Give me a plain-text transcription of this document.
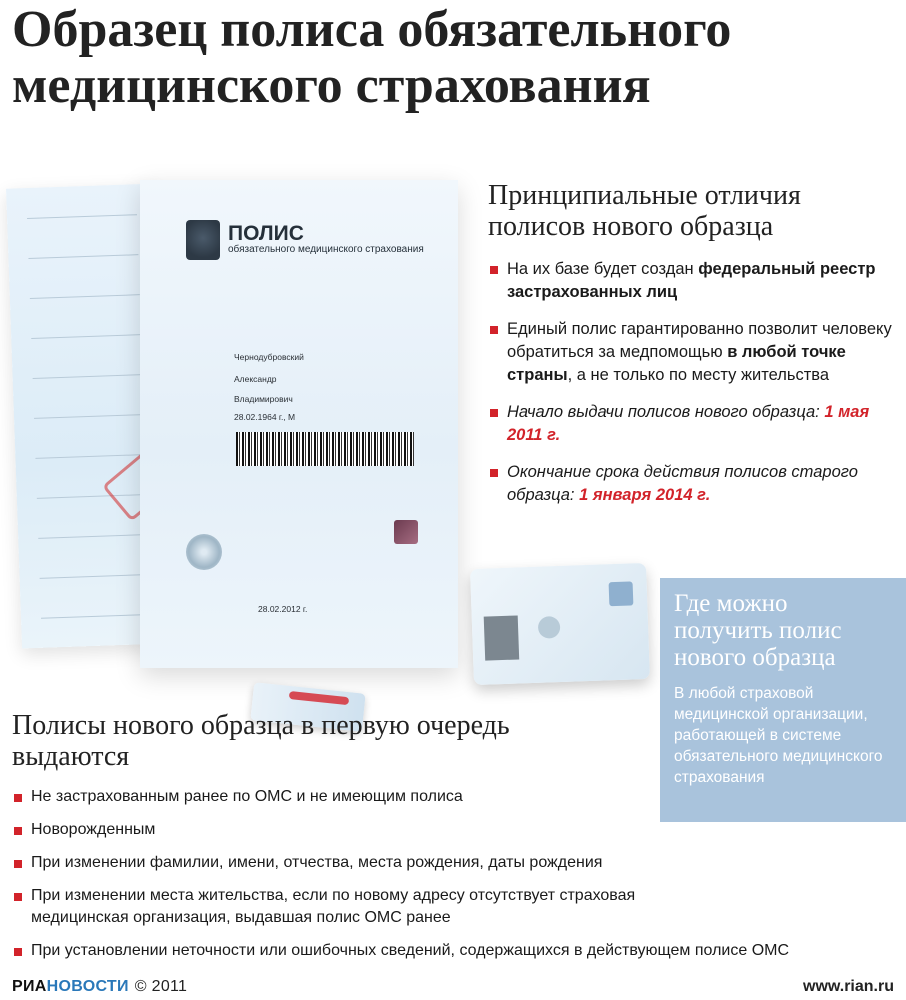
Образец полиса обязательного медицинского страхования
ПОЛИС
обязательного медицинского страхования
Чернодубровский
Александр
Владимирович
28.02.1964 г., М
28.02.2012 г.
Принципиальные отличия полисов нового образца
На их базе будет создан федеральный реестр застрахованных лиц
Единый полис гарантированно позволит человеку обратиться за медпомощью в любой точке страны, а не только по месту жительства
Начало выдачи полисов нового образца: 1 мая 2011 г.
Окончание срока действия полисов старого образца: 1 января 2014 г.
Где можно получить полис нового образца
В любой страховой медицинской организации, работающей в системе обязательного медицинского страхования
Полисы нового образца в первую очередь выдаются
Не застрахованным ранее по ОМС и не имеющим полиса
Новорожденным
При изменении фамилии, имени, отчества, места рождения, даты рождения
При изменении места жительства, если по новому адресу отсутствует страховая медицинская организация, выдавшая полис ОМС ранее
При установлении неточности или ошибочных сведений, содержащихся в действующем полисе ОМС
РИАНОВОСТИ © 2011	www.rian.ru
